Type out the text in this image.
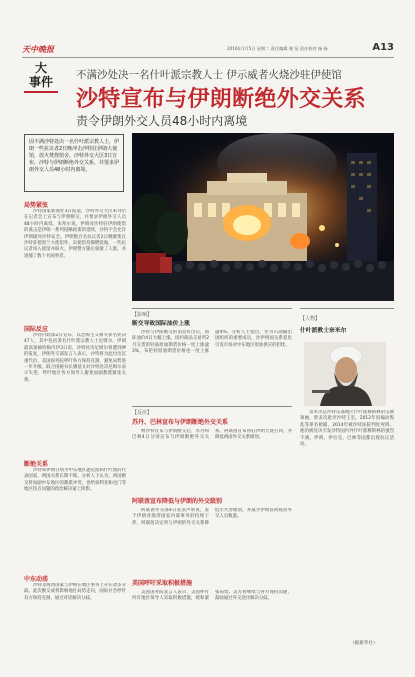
天中晚报	2016年1月5日 星期二 责任编辑 谢 征 责任校对 杨 杨	A13
大
事件	不满沙处决一名什叶派宗教人士 伊示威者火烧沙驻伊使馆
沙特宣布与伊朗断绝外交关系
责令伊朗外交人员48小时内离境
因不满沙特处决一名什叶派宗教人士，伊朗一些抗议者2日晚冲击沙特驻伊朗大使馆，放火焚烧馆舍。沙特外交大臣3日宣布，沙特与伊朗断绝外交关系，并要求伊朗外交人员48小时内离境。
局势紧张

沙特国家新闻社3日报道，沙特外交大臣朱拜尔在记者会上宣布与伊朗断交，并要求伊朗外交人员48小时内离境。朱拜尔说，伊朗对沙特驻伊朗使馆的袭击是伊朗一系列侵略政策的延续，沙特不会允许伊朗破坏沙特安全。伊朗数百名抗议者2日晚聚集在沙特驻德黑兰大使馆外，向使馆投掷燃烧瓶，一些抗议者闯入使馆并纵火。伊朗警方随后驱散了人群，并逮捕了数十名闹事者。

国际反应

沙特内政部2日宣布，以恐怖主义相关罪名处决47人，其中包括著名什叶派宗教人士尼姆尔。伊朗最高领袖哈梅内伊3日说，沙特处决尼姆尔将遭到神的报复。伊朗外交部发言人表示，沙特将为此付出沉重代价。美国国务院呼吁各方保持克制，避免局势进一步升级。联合国秘书长潘基文对沙特处决尼姆尔表示失望，呼吁地区各方领导人避免加剧教派紧张关系。

断绝关系

沙特和伊朗分别为中东地区逊尼派和什叶派的代表国家，两国关系长期不睦。分析人士认为，两国断交将加剧中东地区的教派冲突，也给叙利亚和也门等地区热点问题的政治解决蒙上阴影。

中东动荡

沙特等海湾国家与伊朗在地区事务上存在诸多分歧。此次断交或将影响地区局势走向，国际社会呼吁双方保持克制，通过对话解决分歧。

【影响】
断交导致国际油价上涨

沙特与伊朗断交的消息传出后，国际油价4日大幅上涨。纽约商品交易所2月交货的轻质原油期货价格一度上涨逾3%，布伦特原油期货价格也一度上涨逾4%。分析人士指出，作为石油输出国组织的重要成员，沙伊两国关系恶化引发市场对中东地区原油供应的担忧。

【反应】
苏丹、巴林宣布与伊朗断绝外交关系

继沙特宣布与伊朗断交后，苏丹和巴林4日分别宣布与伊朗断绝外交关系。阿联酋宣布将驻伊朗大使召回，并降低两国外交关系级别。

阿联酋宣布降低与伊朗的外交级别

阿联酋外交部4日发表声明说，鉴于伊朗对海湾国家内部事务的持续干涉，阿联酋决定将与伊朗的外交关系降低至代办级别，并减少伊朗驻阿联酋外交人员数量。

美国呼吁采取积极措施

美国国务院发言人表示，美国呼吁所有地区领导人采取积极措施，缓和紧张局势。美方将继续与各方保持沟通，鼓励通过外交途径解决分歧。

【人物】
什叶派教士奈米尔

奈米尔是沙特东部地区什叶派穆斯林的宗教领袖，曾多次批评沙特王室。2012年因煽动叛乱等罪名被捕，2014年被沙特法院判处死刑。他的被处决引发沙特国内外什叶派穆斯林的强烈不满，伊朗、伊拉克、巴林等国都出现抗议活动。

（据新华社）
